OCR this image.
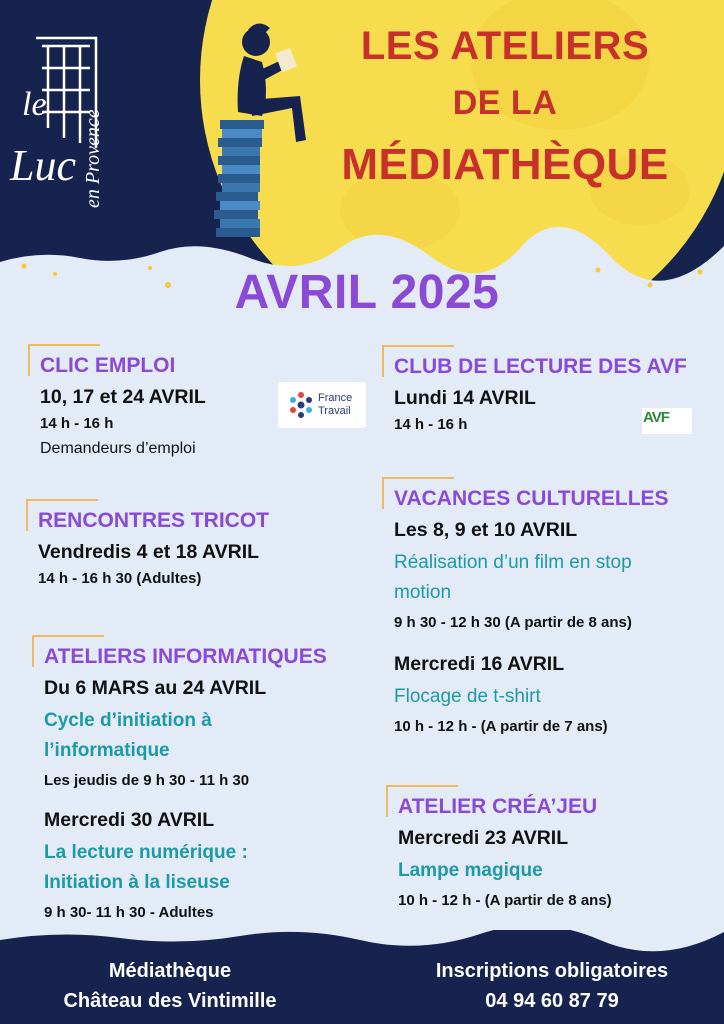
le
Luc en Provence
LES ATELIERS
DE LA
MÉDIATHÈQUE
AVRIL 2025
CLIC EMPLOI
10, 17 et 24 AVRIL
14 h - 16 h
Demandeurs d’emploi
France
Travail
RENCONTRES TRICOT
Vendredis 4 et 18 AVRIL
14 h - 16 h 30 (Adultes)
ATELIERS INFORMATIQUES
Du 6 MARS au 24 AVRIL
Cycle d’initiation à
l’informatique
Les jeudis de 9 h 30 - 11 h 30
Mercredi 30 AVRIL
La lecture numérique :
Initiation à la liseuse
9 h 30- 11 h 30 - Adultes
CLUB DE LECTURE DES AVF
Lundi 14 AVRIL
14 h - 16 h	AVF
VACANCES CULTURELLES
Les 8, 9 et 10 AVRIL
Réalisation d’un film en stop
motion
9 h 30 - 12 h 30 (A partir de 8 ans)
Mercredi 16 AVRIL
Flocage de t-shirt
10 h - 12 h - (A partir de 7 ans)
ATELIER CRÉA’JEU
Mercredi 23 AVRIL
Lampe magique
10 h - 12 h - (A partir de 8 ans)
Médiathèque
Château des Vintimille
Inscriptions obligatoires
04 94 60 87 79
